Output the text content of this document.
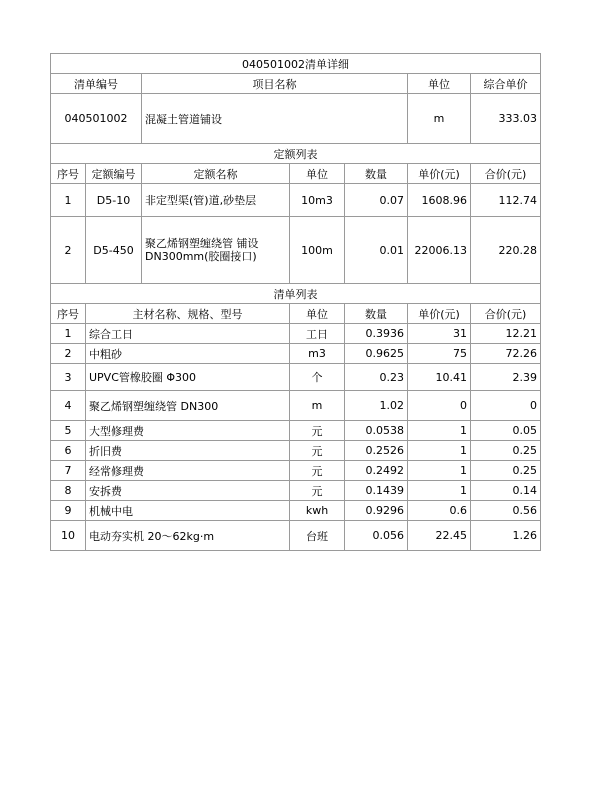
040501002清单详细						
清单编号		项目名称			单位	综合单价
040501002		混凝土管道铺设			m	333.03
定额列表						
序号	定额编号	定额名称	单位	数量	单价(元)	合价(元)
1	D5-10	非定型渠(管)道,砂垫层	10m3	0.07	1608.96	112.74
2	D5-450	聚乙烯钢塑缠绕管 铺设DN300mm(胶圈接口)	100m	0.01	22006.13	220.28
清单列表						
序号	主材名称、规格、型号		单位	数量	单价(元)	合价(元)
1	综合工日		工日	0.3936	31	12.21
2	中粗砂		m3	0.9625	75	72.26
3	UPVC管橡胶圈 Φ300		个	0.23	10.41	2.39
4	聚乙烯钢塑缠绕管 DN300		m	1.02	0	0
5	大型修理费		元	0.0538	1	0.05
6	折旧费		元	0.2526	1	0.25
7	经常修理费		元	0.2492	1	0.25
8	安拆费		元	0.1439	1	0.14
9	机械中电		kwh	0.9296	0.6	0.56
10	电动夯实机 20～62kg·m		台班	0.056	22.45	1.26
